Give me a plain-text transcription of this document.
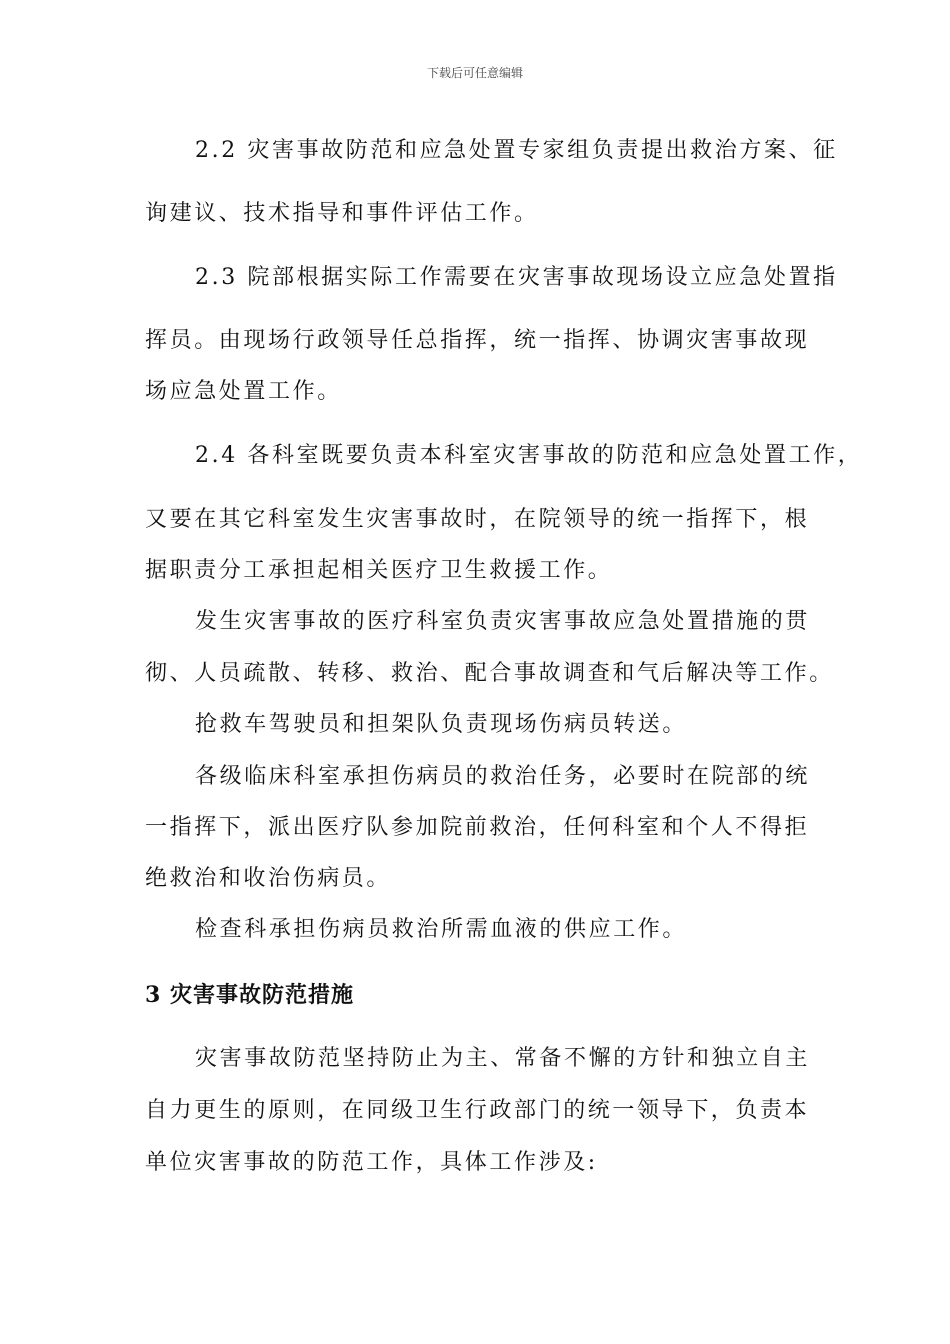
下载后可任意编辑
2.2 灾害事故防范和应急处置专家组负责提出救治方案、征
询建议、技术指导和事件评估工作。
2.3 院部根据实际工作需要在灾害事故现场设立应急处置指
挥员。由现场行政领导任总指挥，统一指挥、协调灾害事故现
场应急处置工作。
2.4 各科室既要负责本科室灾害事故的防范和应急处置工作，
又要在其它科室发生灾害事故时，在院领导的统一指挥下，根
据职责分工承担起相关医疗卫生救援工作。
发生灾害事故的医疗科室负责灾害事故应急处置措施的贯
彻、人员疏散、转移、救治、配合事故调查和气后解决等工作。
抢救车驾驶员和担架队负责现场伤病员转送。
各级临床科室承担伤病员的救治任务，必要时在院部的统
一指挥下，派出医疗队参加院前救治，任何科室和个人不得拒
绝救治和收治伤病员。
检查科承担伤病员救治所需血液的供应工作。
3 灾害事故防范措施
灾害事故防范坚持防止为主、常备不懈的方针和独立自主
自力更生的原则，在同级卫生行政部门的统一领导下，负责本
单位灾害事故的防范工作，具体工作涉及:
